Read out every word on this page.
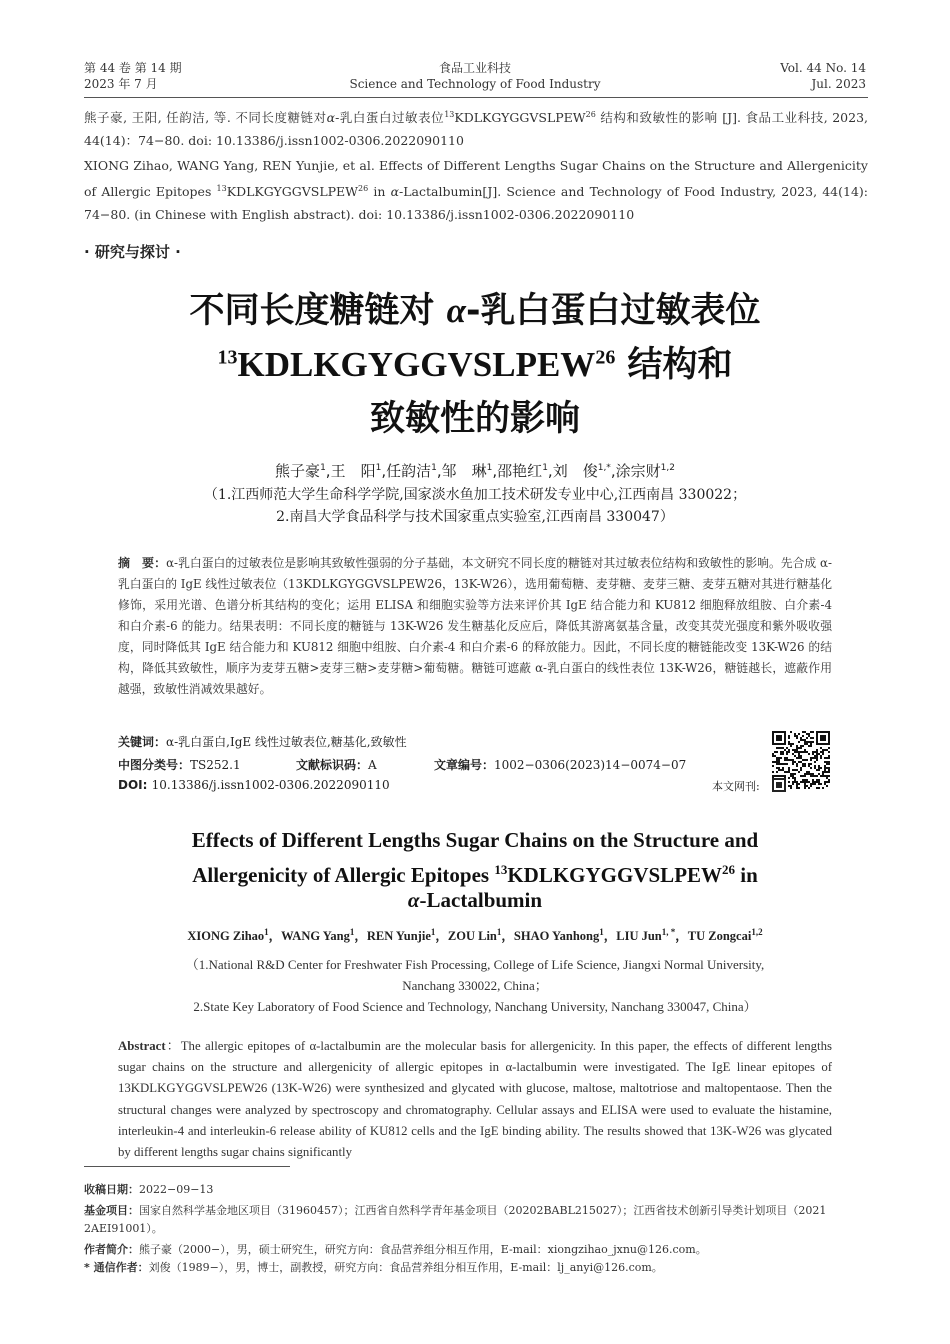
第 44 卷 第 14 期
2023 年 7 月
食品工业科技
Science and Technology of Food Industry
Vol. 44 No. 14
Jul. 2023
熊子豪, 王阳, 任韵洁, 等. 不同长度糖链对α-乳白蛋白过敏表位$^{13}$KDLKGYGGVSLPEW$^{26}$ 结构和致敏性的影响 [J]. 食品工业科技, 2023, 44(14)：74−80. doi: 10.13386/j.issn1002-0306.2022090110
XIONG Zihao, WANG Yang, REN Yunjie, et al. Effects of Different Lengths Sugar Chains on the Structure and Allergenicity of Allergic Epitopes $^{13}$KDLKGYGGVSLPEW$^{26}$ in α-Lactalbumin[J]. Science and Technology of Food Industry, 2023, 44(14): 74−80. (in Chinese with English abstract). doi: 10.13386/j.issn1002-0306.2022090110
· 研究与探讨 ·
不同长度糖链对 α-乳白蛋白过敏表位
$^{13}$KDLKGYGGVSLPEW$^{26}$ 结构和
致敏性的影响
熊子豪$^1$,王　阳$^1$,任韵洁$^1$,邹　琳$^1$,邵艳红$^1$,刘　俊$^{1,*}$,涂宗财$^{1,2}$
（1.江西师范大学生命科学学院,国家淡水鱼加工技术研发专业中心,江西南昌 330022；
2.南昌大学食品科学与技术国家重点实验室,江西南昌 330047）
摘　要：α-乳白蛋白的过敏表位是影响其致敏性强弱的分子基础，本文研究不同长度的糖链对其过敏表位结构和致敏性的影响。先合成 α-乳白蛋白的 IgE 线性过敏表位（13KDLKGYGGVSLPEW26，13K-W26），选用葡萄糖、麦芽糖、麦芽三糖、麦芽五糖对其进行糖基化修饰，采用光谱、色谱分析其结构的变化；运用 ELISA 和细胞实验等方法来评价其 IgE 结合能力和 KU812 细胞释放组胺、白介素-4 和白介素-6 的能力。结果表明：不同长度的糖链与 13K-W26 发生糖基化反应后，降低其游离氨基含量，改变其荧光强度和紫外吸收强度，同时降低其 IgE 结合能力和 KU812 细胞中组胺、白介素-4 和白介素-6 的释放能力。因此，不同长度的糖链能改变 13K-W26 的结构，降低其致敏性，顺序为麦芽五糖>麦芽三糖>麦芽糖>葡萄糖。糖链可遮蔽 α-乳白蛋白的线性表位 13K-W26，糖链越长，遮蔽作用越强，致敏性消减效果越好。
关键词：α-乳白蛋白,IgE 线性过敏表位,糖基化,致敏性
中图分类号：TS252.1	文献标识码：A	文章编号：1002−0306(2023)14−0074−07
DOI: 10.13386/j.issn1002-0306.2022090110	本文网刊:
Effects of Different Lengths Sugar Chains on the Structure and
Allergenicity of Allergic Epitopes $^{13}$KDLKGYGGVSLPEW$^{26}$ in
α-Lactalbumin
XIONG Zihao$^1$，WANG Yang$^1$，REN Yunjie$^1$，ZOU Lin$^1$，SHAO Yanhong$^1$，LIU Jun$^{1, *}$，TU Zongcai$^{1,2}$
（1.National R&D Center for Freshwater Fish Processing, College of Life Science, Jiangxi Normal University,
Nanchang 330022, China；
2.State Key Laboratory of Food Science and Technology, Nanchang University, Nanchang 330047, China）
Abstract：The allergic epitopes of α-lactalbumin are the molecular basis for allergenicity. In this paper, the effects of different lengths sugar chains on the structure and allergenicity of allergic epitopes in α-lactalbumin were investigated. The IgE linear epitopes of 13KDLKGYGGVSLPEW26 (13K-W26) were synthesized and glycated with glucose, maltose, maltotriose and maltopentaose. Then the structural changes were analyzed by spectroscopy and chromatography. Cellular assays and ELISA were used to evaluate the histamine, interleukin-4 and interleukin-6 release ability of KU812 cells and the IgE binding ability. The results showed that 13K-W26 was glycated by different lengths sugar chains significantly
收稿日期：2022−09−13
基金项目：国家自然科学基金地区项目（31960457）；江西省自然科学青年基金项目（20202BABL215027）；江西省技术创新引导类计划项目（2021 2AEI91001）。
作者简介：熊子豪（2000−），男，硕士研究生，研究方向：食品营养组分相互作用，E-mail：xiongzihao_jxnu@126.com。
* 通信作者：刘俊（1989−），男，博士，副教授，研究方向：食品营养组分相互作用，E-mail：lj_anyi@126.com。
